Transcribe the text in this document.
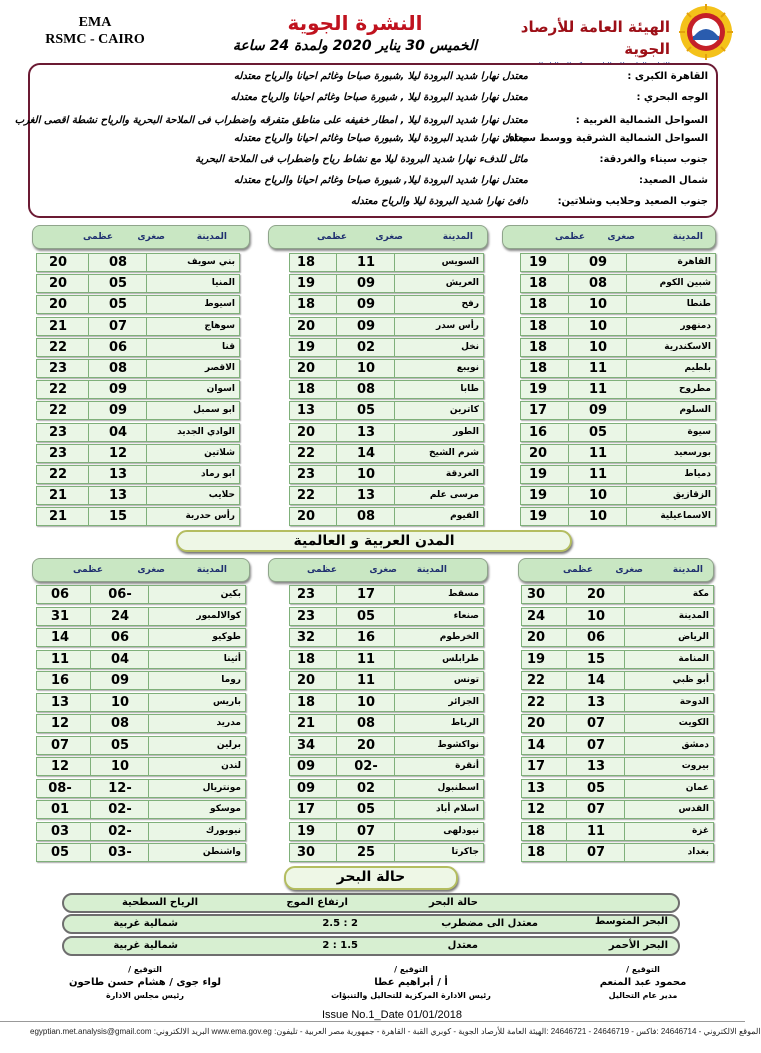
EMA
RSMC - CAIRO
النشرة الجوية
الخميس 30 يناير 2020 ولمدة 24 ساعة
الهيئة العامة للأرصاد الجوية
القاهرة الكبرى :
معتدل نهارا شديد البرودة ليلا ,شبورة صباحا وغائم احيانا والرياح معتدله
الوجه البحري :
معتدل نهارا شديد البرودة ليلا , شبورة صباحا وغائم احيانا والرياح معتدله
السواحل الشمالية الغربية :
معتدل نهارا شديد البرودة ليلا , امطار خفيفه على مناطق متفرقه واضطراب فى الملاحة البحرية والرياح نشطة اقصى الغرب
السواحل الشمالية الشرقية ووسط سيناء:
معتدل نهارا شديد البرودة ليلا ,شبورة صباحا وغائم احيانا والرياح معتدله
جنوب سيناء والغردقة:
مائل للدفء نهارا شديد البرودة ليلا مع نشاط رياح واضطراب فى الملاحة البحرية
شمال الصعيد:
معتدل نهارا شديد البرودة ليلا, شبورة صباحا وغائم احيانا والرياح معتدله
جنوب الصعيد وحلايب وشلاتين:
دافئ نهارا شديد البرودة ليلا والرياح معتدله
المدينة
صغرى
عظمى
المدينة
صغرى
عظمى
المدينة
صغرى
عظمى
القاهرة
09
19
شبين الكوم
08
18
طنطا
10
18
دمنهور
10
18
الاسكندرية
10
18
بلطيم
11
18
مطروح
11
19
السلوم
09
17
سيوة
05
16
بورسعيد
11
20
دمياط
11
19
الزقازيق
10
19
الاسماعيلية
10
19
السويس
11
18
العريش
09
19
رفح
09
18
رأس سدر
09
20
نخل
02
19
نويبع
10
20
طابا
08
18
كاترين
05
13
الطور
13
20
شرم الشيخ
14
22
الغردقة
10
23
مرسى علم
13
22
الفيوم
08
20
بني سويف
08
20
المنيا
05
20
اسيوط
05
20
سوهاج
07
21
قنا
06
22
الاقصر
08
23
اسوان
09
22
ابو سمبل
09
22
الوادي الجديد
04
23
شلاتين
12
23
ابو رماد
13
22
حلايب
13
21
رأس حدربة
15
21
المدن العربية و العالمية
المدينة
صغرى
عظمى
المدينة
صغرى
عظمى
المدينة
صغرى
عظمى
مكة
20
30
المدينة
10
24
الرياض
06
20
المنامة
15
19
أبو ظبي
14
22
الدوحة
13
22
الكويت
07
20
دمشق
07
14
بيروت
13
17
عمان
05
13
القدس
07
12
غزة
11
18
بغداد
07
18
مسقط
17
23
صنعاء
05
23
الخرطوم
16
32
طرابلس
11
18
تونس
11
20
الجزائر
10
18
الرباط
08
21
نواكشوط
20
34
أنقرة
-02
09
اسطنبول
02
09
اسلام أباد
05
17
نيودلهى
07
19
جاكرتا
25
30
بكين
-06
06
كوالالمبور
24
31
طوكيو
06
14
أثينا
04
11
روما
09
16
باريس
10
13
مدريد
08
12
برلين
05
07
لندن
10
12
مونتريال
-12
-08
موسكو
-02
01
نيويورك
-02
03
واشنطن
-03
05
حالة البحر
حالة البحر
ارتفاع الموج
الرياح السطحية
البحر المتوسط
معتدل الى مضطرب
2 : 2.5
شمالية غربية
البحر الأحمر
معتدل
1.5 : 2
شمالية غربية
التوقيع /
محمود عبد المنعم
مدير عام التحاليل
التوقيع /
أ / أبراهيم عطا
رئيس الادارة المركزية للتحاليل والتنبؤات
التوقيع /
لواء جوى / هشام حسن طاحون
رئيس مجلس الادارة
Issue No.1_Date 01/01/2018
egyptian.met.analysis@gmail.com :البريد الالكتروني www.ema.gov.eg :الموقع الالكتروني - 24646714 :فاكس - 24646719 - 24646721 :الهيئة العامة للأرصاد الجوية - كوبري القبة - القاهرة - جمهورية مصر العربية - تليفون
